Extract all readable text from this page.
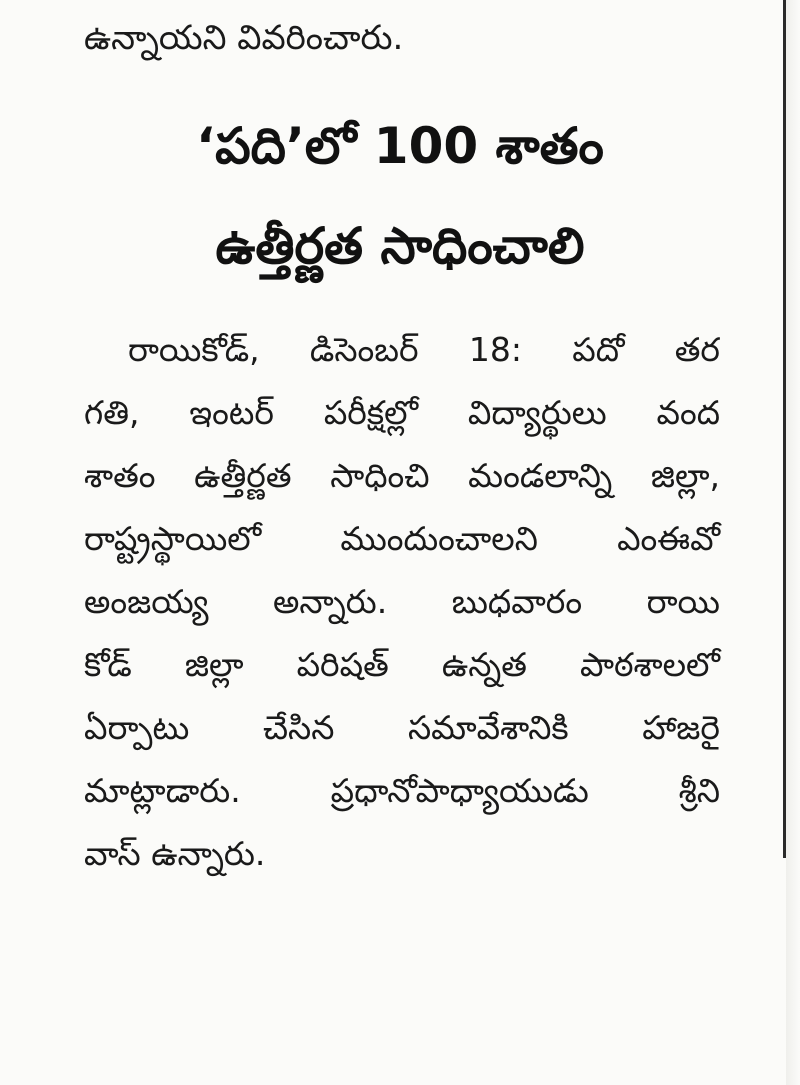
ఉన్నాయని వివరించారు.
‘పది’లో 100 శాతం
ఉత్తీర్ణత సాధించాలి
రాయికోడ్, డిసెంబర్ 18: పదో తర
గతి, ఇంటర్ పరీక్షల్లో విద్యార్థులు వంద
శాతం ఉత్తీర్ణత సాధించి మండలాన్ని జిల్లా,
రాష్ట్రస్థాయిలో ముందుంచాలని ఎంఈవో
అంజయ్య అన్నారు. బుధవారం రాయి
కోడ్ జిల్లా పరిషత్ ఉన్నత పాఠశాలలో
ఏర్పాటు చేసిన సమావేశానికి హాజరై
మాట్లాడారు. ప్రధానోపాధ్యాయుడు శ్రీని
వాస్ ఉన్నారు.
